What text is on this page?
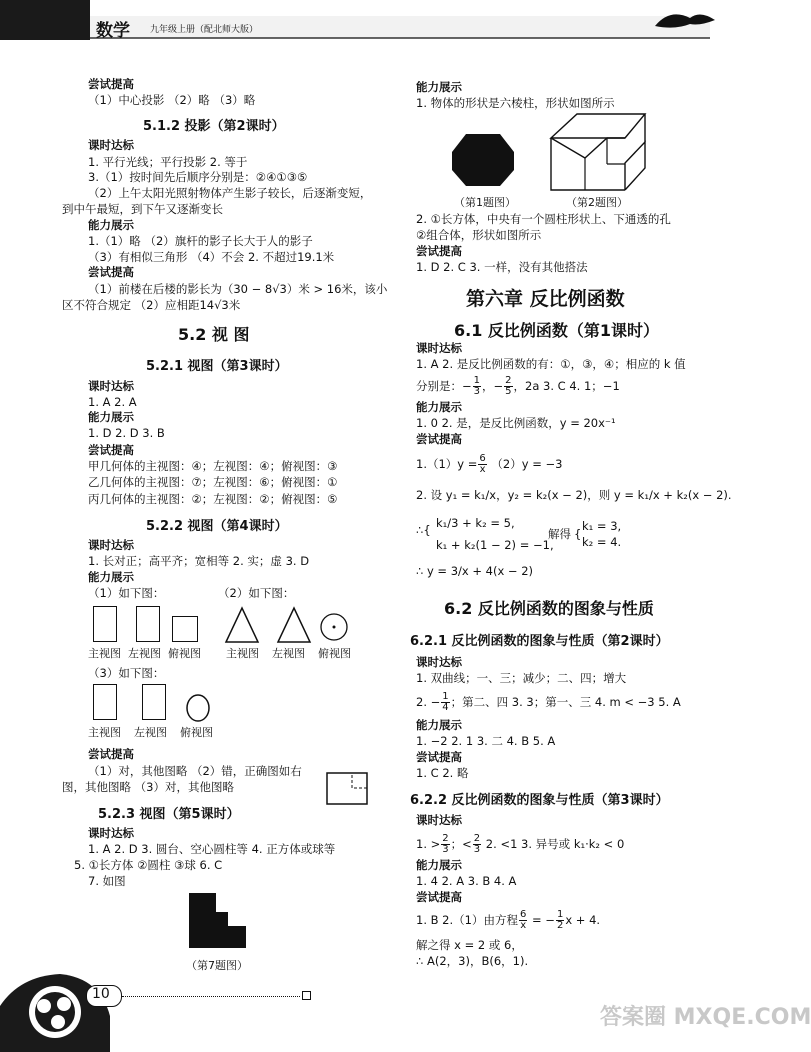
数学 九年级上册（配北师大版）
尝试提高
（1）中心投影 （2）略 （3）略
5.1.2 投影（第2课时）
课时达标
1. 平行光线；平行投影 2. 等于
3.（1）按时间先后顺序分别是：②④①③⑤
（2）上午太阳光照射物体产生影子较长，后逐渐变短，
到中午最短，到下午又逐渐变长
能力展示
1.（1）略 （2）旗杆的影子长大于人的影子
（3）有相似三角形 （4）不会 2. 不超过19.1米
尝试提高
（1）前楼在后楼的影长为（30 − 8√3）米 > 16米，该小
区不符合规定 （2）应相距14√3米
5.2 视 图
5.2.1 视图（第3课时）
课时达标
1. A 2. A
能力展示
1. D 2. D 3. B
尝试提高
甲几何体的主视图：④；左视图：④；俯视图：③
乙几何体的主视图：⑦；左视图：⑥；俯视图：①
丙几何体的主视图：②；左视图：②；俯视图：⑤
5.2.2 视图（第4课时）
课时达标
1. 长对正；高平齐；宽相等 2. 实；虚 3. D
能力展示
（1）如下图：	（2）如下图：
主视图 左视图 俯视图 主视图 左视图 俯视图
（3）如下图：
主视图 左视图 俯视图
尝试提高
（1）对，其他图略 （2）错，正确图如右
图，其他图略 （3）对，其他图略
5.2.3 视图（第5课时）
课时达标
1. A 2. D 3. 圆台、空心圆柱等 4. 正方体或球等
5. ①长方体 ②圆柱 ③球 6. C
7. 如图
（第7题图）
能力展示
1. 物体的形状是六棱柱，形状如图所示
（第1题图）	（第2题图）
2. ①长方体，中央有一个圆柱形状上、下通透的孔
②组合体，形状如图所示
尝试提高
1. D 2. C 3. 一样，没有其他搭法
第六章 反比例函数
6.1 反比例函数（第1课时）
课时达标
1. A 2. 是反比例函数的有：①，③，④；相应的 k 值
分别是：− $\frac{1}{3}$ ，− $\frac{2}{5}$ ，2a 3. C 4. 1；−1
能力展示
1. 0 2. 是，是反比例函数，y = 20x⁻¹
尝试提高
$1.(1)y = \frac{6}{x} (2)y = -3$
2. 设 y₁ = k₁/x，y₂ = k₂(x − 2)，则 y = k₁/x + k₂(x − 2).
∴{ k₁/3 + k₂ = 5,
k₁ + k₂(1 − 2) = −1,
解得 {
k₁ = 3,
k₂ = 4.
∴ y = 3/x + 4(x − 2)
6.2 反比例函数的图象与性质
6.2.1 反比例函数的图象与性质（第2课时）
课时达标
1. 双曲线；一、三；减少；二、四；增大
2. − $\frac{1}{4}$ ；第二、四 3. 3；第一、三 4. m < −3 5. A
能力展示
1. −2 2. 1 3. 二 4. B 5. A
尝试提高
1. C 2. 略
6.2.2 反比例函数的图象与性质（第3课时）
课时达标
1. > $\frac{2}{3}$ ；< $\frac{2}{3} 2$. <1 3. 异号或 k₁·k₂ < 0
能力展示
1. 4 2. A 3. B 4. A
尝试提高
1. B 2.（1）由方程 $\frac{6}{x}$ = − $\frac{1}{2}$ x + 4.
解之得 x = 2 或 6，
∴ A(2，3)，B(6，1).
10
答案圈 MXQE.COM
